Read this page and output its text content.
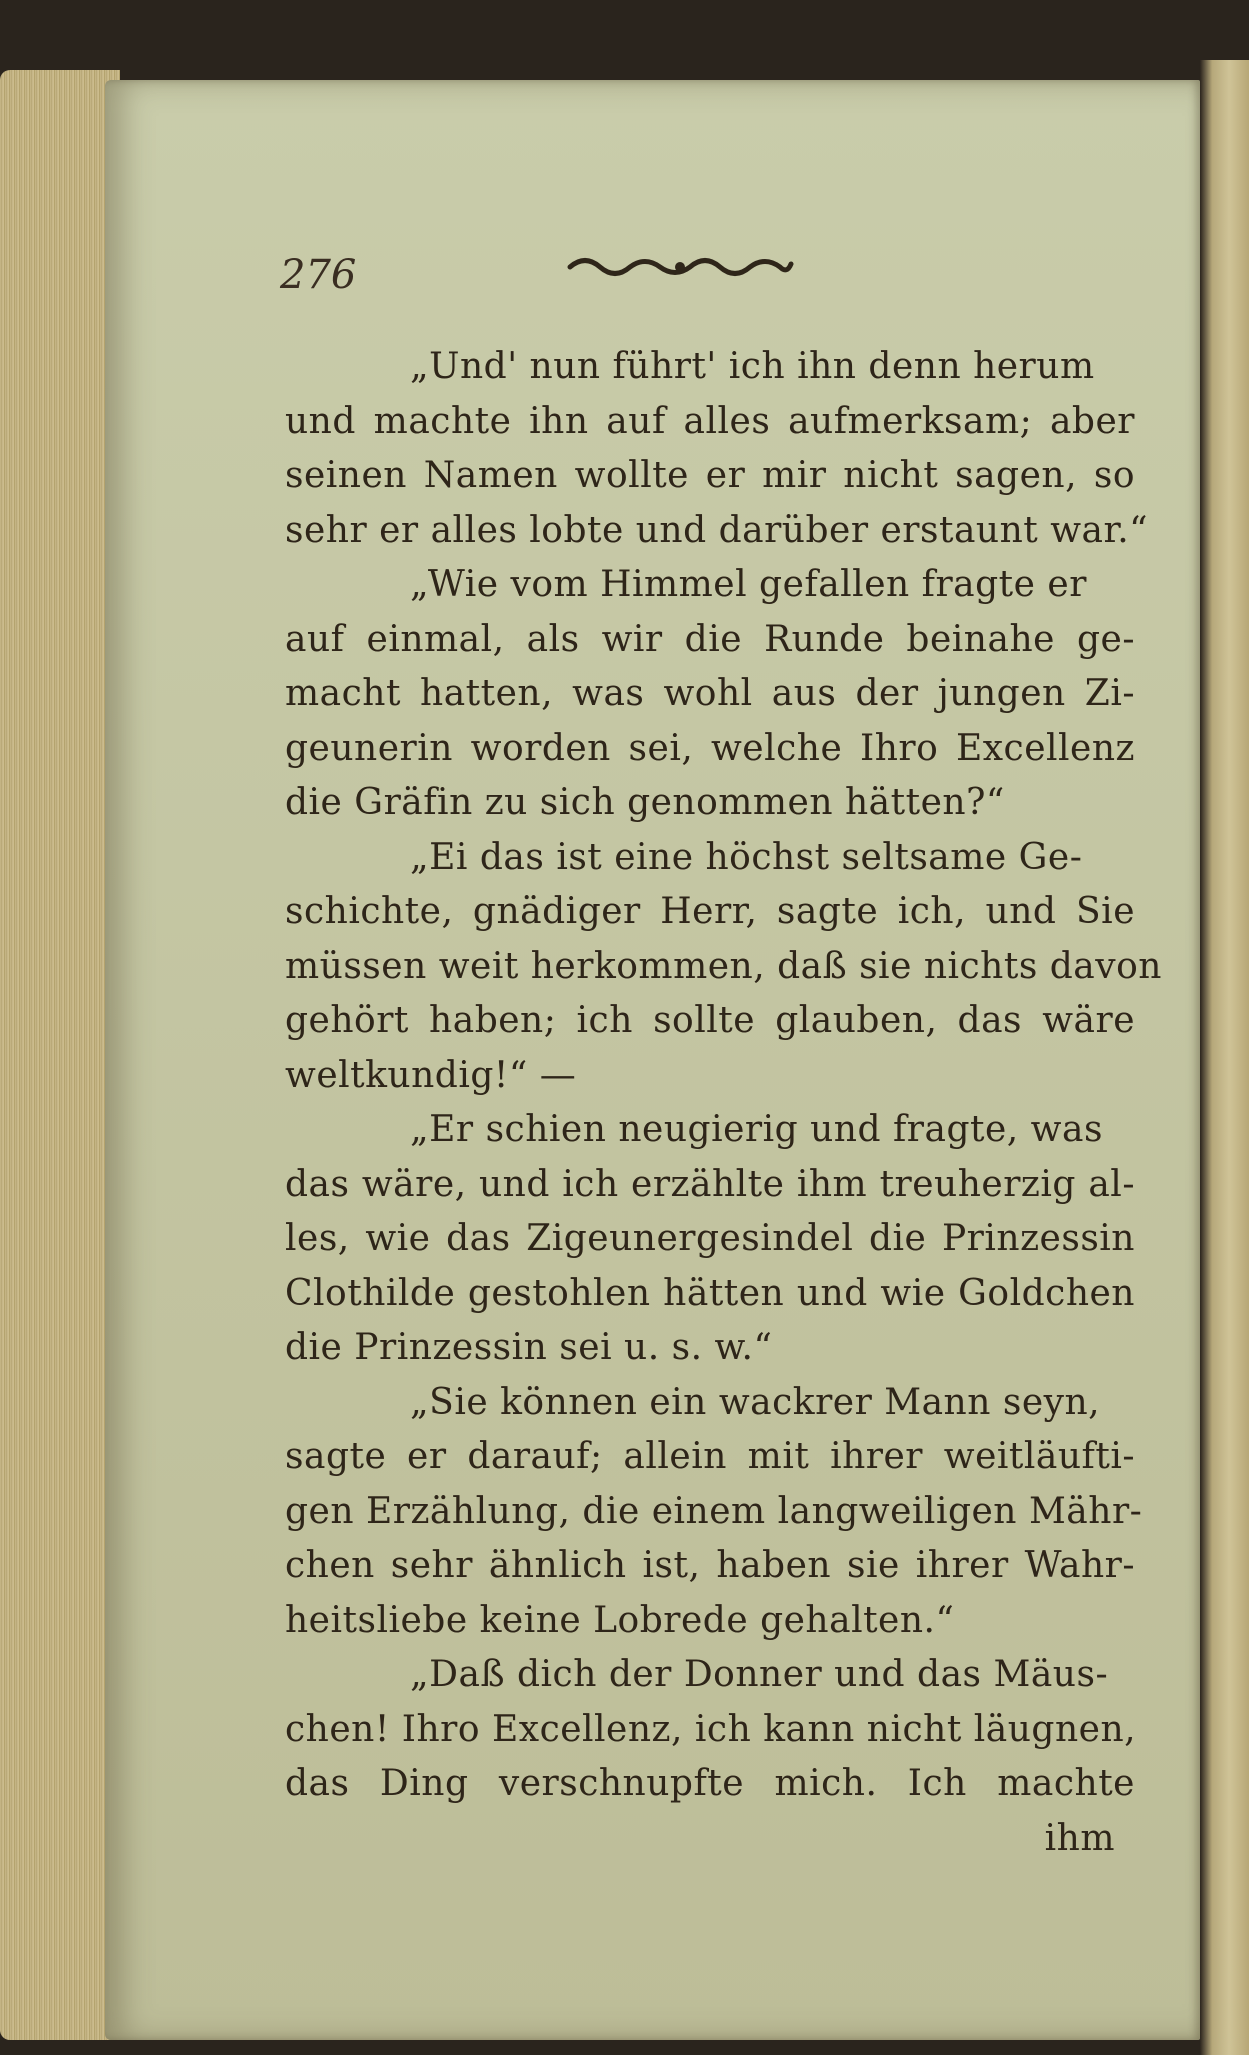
276
„Und' nun führt' ich ihn denn herum
und machte ihn auf alles aufmerksam; aber
seinen Namen wollte er mir nicht sagen, so
sehr er alles lobte und darüber erstaunt war.“
„Wie vom Himmel gefallen fragte er
auf einmal, als wir die Runde beinahe ge-
macht hatten, was wohl aus der jungen Zi-
geunerin worden sei, welche Ihro Excellenz
die Gräfin zu sich genommen hätten?“
„Ei das ist eine höchst seltsame Ge-
schichte, gnädiger Herr, sagte ich, und Sie
müssen weit herkommen, daß sie nichts davon
gehört haben; ich sollte glauben, das wäre
weltkundig!“ —
„Er schien neugierig und fragte, was
das wäre, und ich erzählte ihm treuherzig al-
les, wie das Zigeunergesindel die Prinzessin
Clothilde gestohlen hätten und wie Goldchen
die Prinzessin sei u. s. w.“
„Sie können ein wackrer Mann seyn,
sagte er darauf; allein mit ihrer weitläufti-
gen Erzählung, die einem langweiligen Mähr-
chen sehr ähnlich ist, haben sie ihrer Wahr-
heitsliebe keine Lobrede gehalten.“
„Daß dich der Donner und das Mäus-
chen! Ihro Excellenz, ich kann nicht läugnen,
das Ding verschnupfte mich. Ich machte
ihm
